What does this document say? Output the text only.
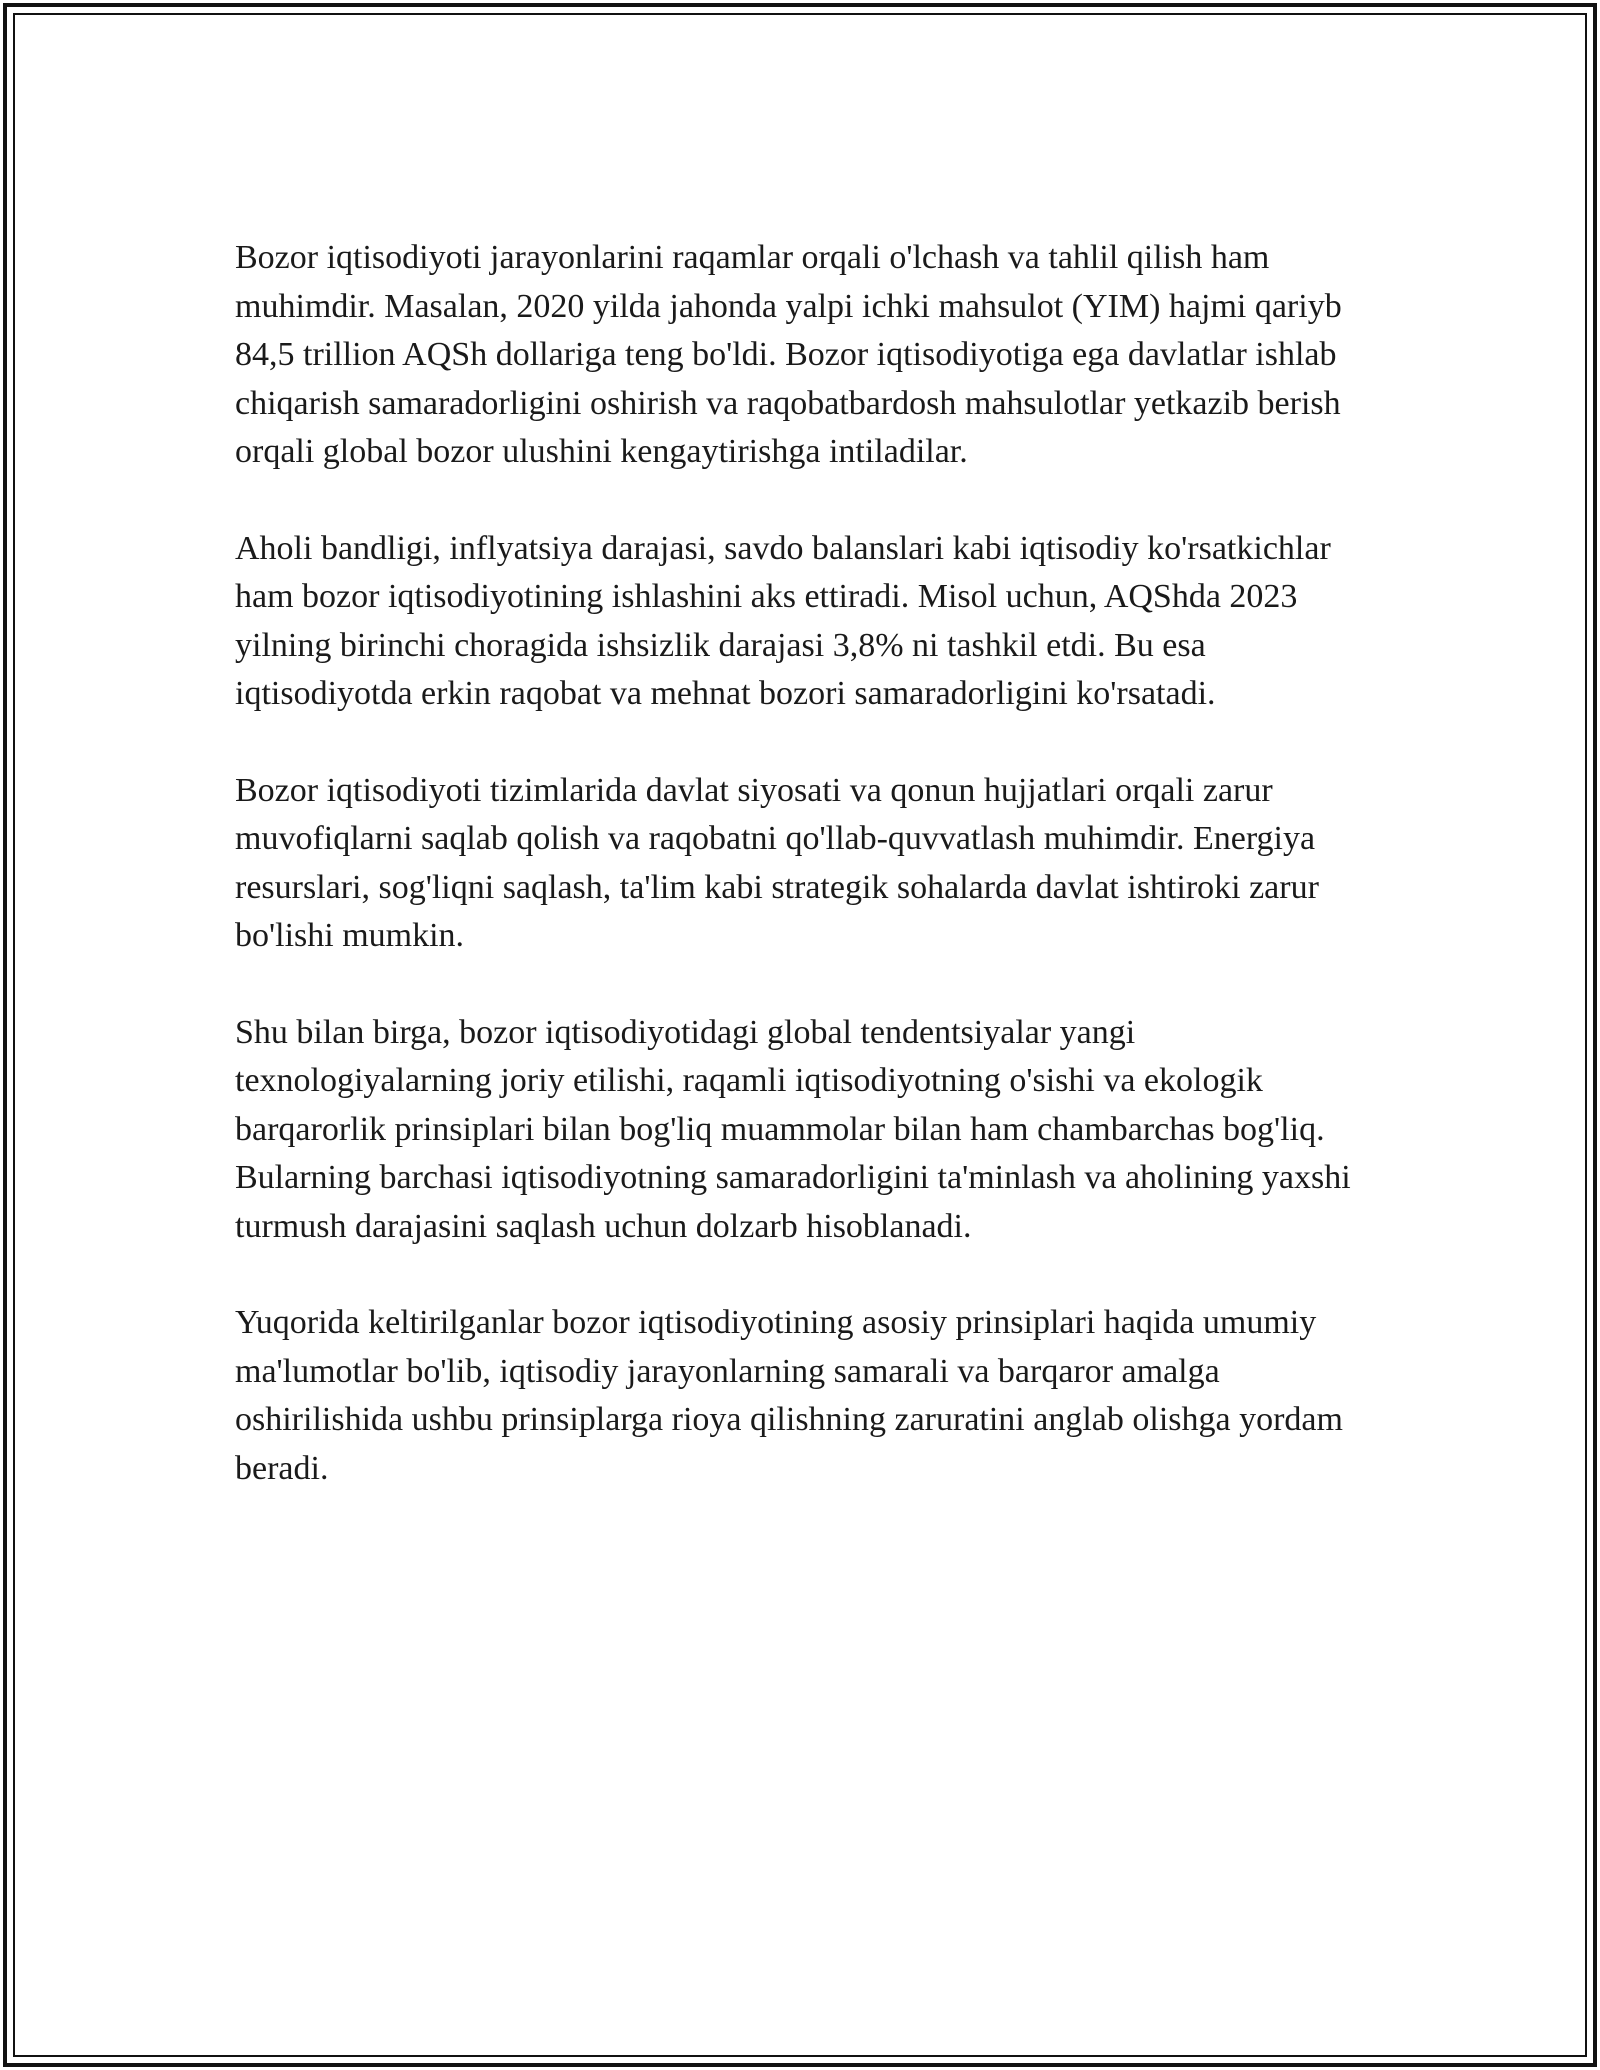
Bozor iqtisodiyoti jarayonlarini raqamlar orqali o'lchash va tahlil qilish ham muhimdir. Masalan, 2020 yilda jahonda yalpi ichki mahsulot (YIM) hajmi qariyb 84,5 trillion AQSh dollariga teng bo'ldi. Bozor iqtisodiyotiga ega davlatlar ishlab chiqarish samaradorligini oshirish va raqobatbardosh mahsulotlar yetkazib berish orqali global bozor ulushini kengaytirishga intiladilar.

Aholi bandligi, inflyatsiya darajasi, savdo balanslari kabi iqtisodiy ko'rsatkichlar ham bozor iqtisodiyotining ishlashini aks ettiradi. Misol uchun, AQShda 2023 yilning birinchi choragida ishsizlik darajasi 3,8% ni tashkil etdi. Bu esa iqtisodiyotda erkin raqobat va mehnat bozori samaradorligini ko'rsatadi.

Bozor iqtisodiyoti tizimlarida davlat siyosati va qonun hujjatlari orqali zarur muvofiqlarni saqlab qolish va raqobatni qo'llab-quvvatlash muhimdir. Energiya resurslari, sog'liqni saqlash, ta'lim kabi strategik sohalarda davlat ishtiroki zarur bo'lishi mumkin.

Shu bilan birga, bozor iqtisodiyotidagi global tendentsiyalar yangi texnologiyalarning joriy etilishi, raqamli iqtisodiyotning o'sishi va ekologik barqarorlik prinsiplari bilan bog'liq muammolar bilan ham chambarchas bog'liq. Bularning barchasi iqtisodiyotning samaradorligini ta'minlash va aholining yaxshi turmush darajasini saqlash uchun dolzarb hisoblanadi.

Yuqorida keltirilganlar bozor iqtisodiyotining asosiy prinsiplari haqida umumiy ma'lumotlar bo'lib, iqtisodiy jarayonlarning samarali va barqaror amalga oshirilishida ushbu prinsiplarga rioya qilishning zaruratini anglab olishga yordam beradi.
